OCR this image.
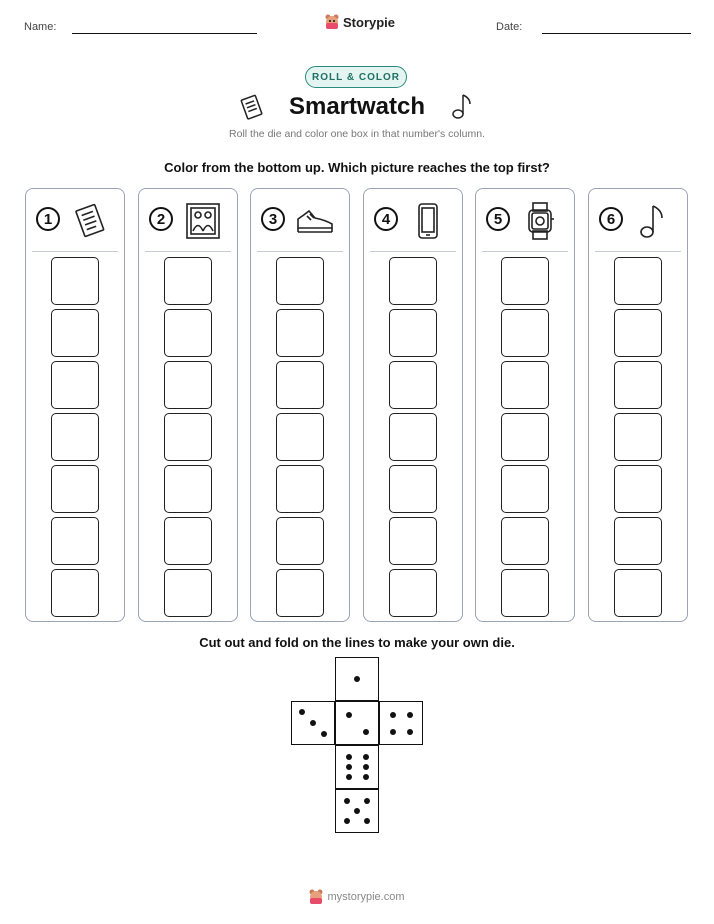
Name:	Storypie	Date:
ROLL & COLOR
Smartwatch
Roll the die and color one box in that number's column.
Color from the bottom up. Which picture reaches the top first?
1	2	3	4	5	6
Cut out and fold on the lines to make your own die.
mystorypie.com
